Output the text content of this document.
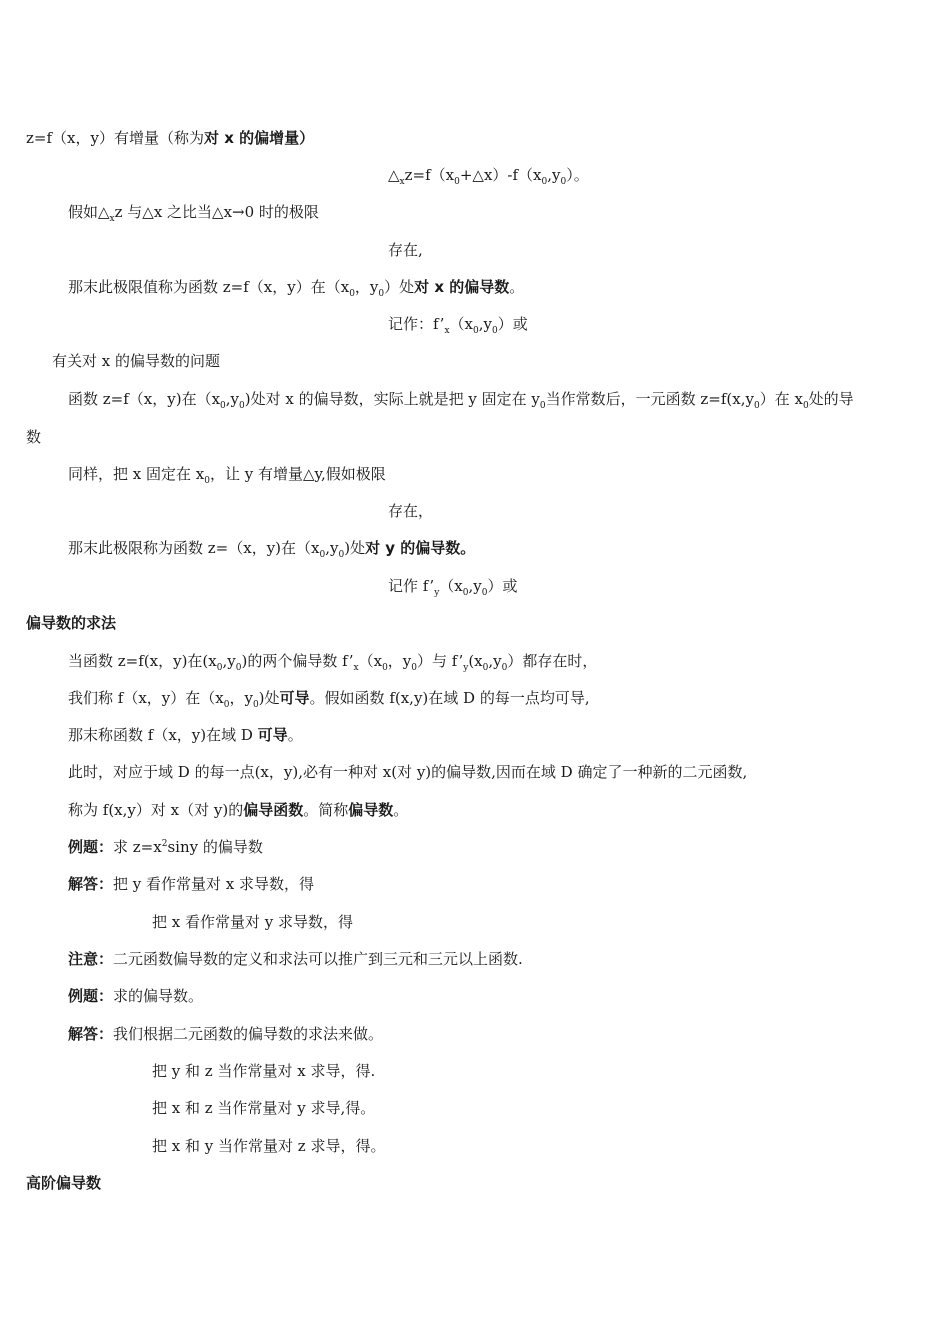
z=f（x，y）有增量（称为对 x 的偏增量）
$\triangle_xz=f(x_0+\triangle x)-f(x_0,y_0)$。
假如$\triangle_xz$ 与△x 之比当△x→0 时的极限
存在,
那末此极限值称为函数 z=f（x，y）在（$x_0$，$y_0$）处对 x 的偏导数。
记作：$f’_x(x_0,y_0)$或
有关对 x 的偏导数的问题
函数 z=f（x，y)在$(x_0,y_0)$处对 x 的偏导数，实际上就是把 y 固定在 $y_0$当作常数后，一元函数 $z=f(x,y_0)$在 $x_0$处的导
数
同样，把 x 固定在 $x_0$，让 y 有增量△y,假如极限
存在，
那末此极限称为函数 z=（x，y)在$(x_0,y_0)$处对 y 的偏导数。
记作 $f’_y(x_0,y_0)$或
偏导数的求法
当函数 z=f(x，y)在$(x_0,y_0)$的两个偏导数 $f’_x(x_0$，$y_0$）与 $f’_y(x_0,y_0)$都存在时，
我们称 f（x，y）在（$x_0$，$y_0$)处可导。假如函数 f(x,y)在域 D 的每一点均可导,
那末称函数 f（x，y)在域 D 可导。
此时，对应于域 D 的每一点(x，y),必有一种对 x(对 y)的偏导数,因而在域 D 确定了一种新的二元函数,
称为 f(x,y）对 x（对 y)的偏导函数。简称偏导数。
例题：求 $z=x^2\sin y$ 的偏导数
解答：把 y 看作常量对 x 求导数，得
把 x 看作常量对 y 求导数，得
注意：二元函数偏导数的定义和求法可以推广到三元和三元以上函数.
例题：求的偏导数。
解答：我们根据二元函数的偏导数的求法来做。
把 y 和 z 当作常量对 x 求导，得.
把 x 和 z 当作常量对 y 求导,得。
把 x 和 y 当作常量对 z 求导，得。
高阶偏导数
